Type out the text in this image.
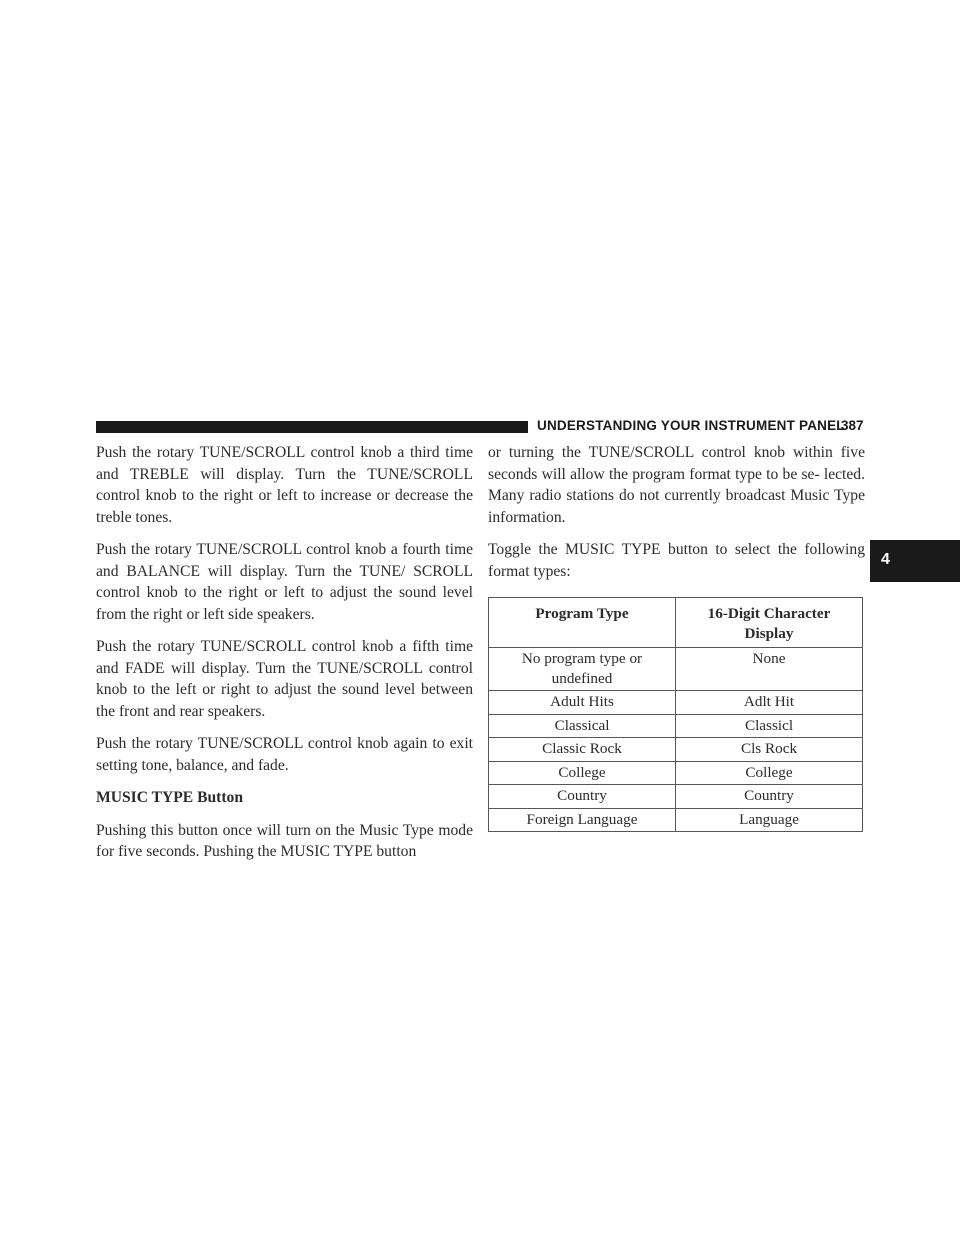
UNDERSTANDING YOUR INSTRUMENT PANEL
387

Push the rotary TUNE/SCROLL control knob a third time and TREBLE will display. Turn the TUNE/SCROLL control knob to the right or left to increase or decrease the treble tones.

Push the rotary TUNE/SCROLL control knob a fourth time and BALANCE will display. Turn the TUNE/ SCROLL control knob to the right or left to adjust the sound level from the right or left side speakers.

Push the rotary TUNE/SCROLL control knob a fifth time and FADE will display. Turn the TUNE/SCROLL control knob to the left or right to adjust the sound level between the front and rear speakers.

Push the rotary TUNE/SCROLL control knob again to exit setting tone, balance, and fade.

MUSIC TYPE Button

Pushing this button once will turn on the Music Type mode for five seconds. Pushing the MUSIC TYPE button

or turning the TUNE/SCROLL control knob within five seconds will allow the program format type to be se- lected. Many radio stations do not currently broadcast Music Type information.

Toggle the MUSIC TYPE button to select the following format types:

Program Type	16-Digit Character Display
No program type or undefined	None
Adult Hits	Adlt Hit
Classical	Classicl
Classic Rock	Cls Rock
College	College
Country	Country
Foreign Language	Language
4
